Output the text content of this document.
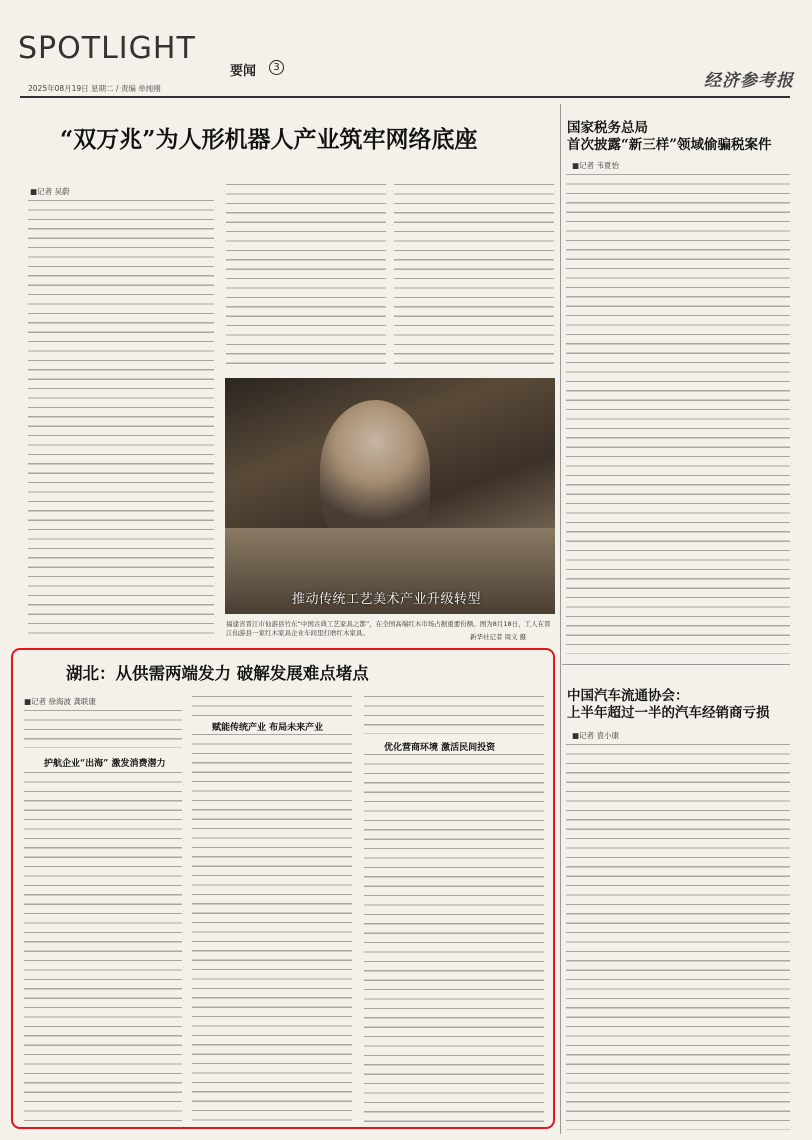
SPOTLIGHT
要闻	3
2025年08月19日 星期二 / 责编 单纯刚	经济参考报
“双万兆”为人形机器人产业筑牢网络底座
■记者 吴蔚
推动传统工艺美术产业升级转型
福建省晋江市仙游县竹东“中国古典工艺家具之都”，在全国高端红木市场占据重要份额。图为8月18日，工人在晋江仙游县一家红木家具企业车间里打磨红木家具。
新华社记者 周义 摄
国家税务总局
首次披露“新三样”领域偷骗税案件
■记者 韦夏怡
中国汽车流通协会：
上半年超过一半的汽车经销商亏损
■记者 袁小康
湖北：从供需两端发力 破解发展难点堵点
■记者 徐海波 龚联康
护航企业“出海” 激发消费潜力
赋能传统产业 布局未来产业
优化营商环境 激活民间投资
